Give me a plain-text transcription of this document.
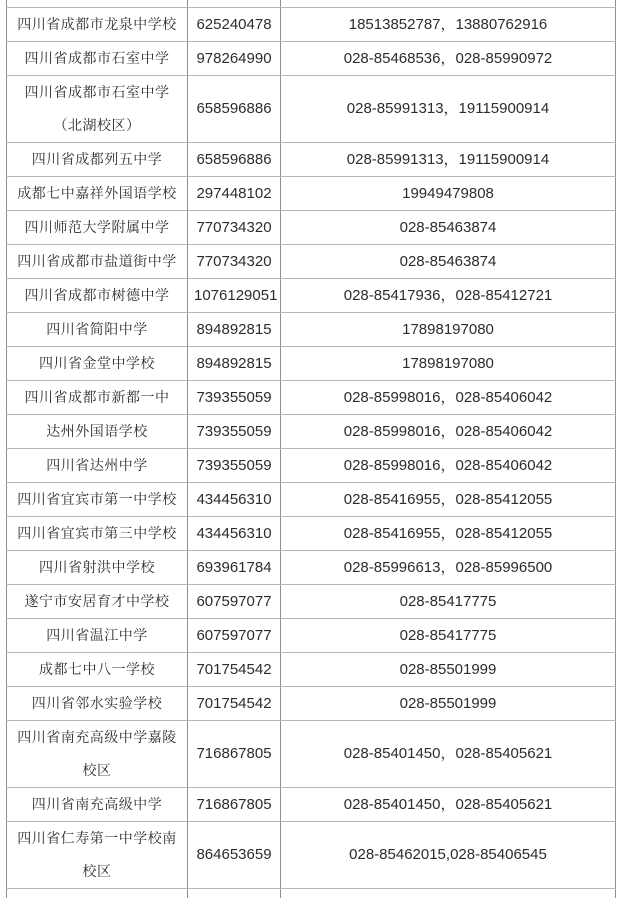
四川省成都市龙泉中学校	625240478	18513852787，13880762916
四川省成都市石室中学	978264990	028-85468536，028-85990972
四川省成都市石室中学（北湖校区）	658596886	028-85991313，19115900914
四川省成都列五中学	658596886	028-85991313，19115900914
成都七中嘉祥外国语学校	297448102	19949479808
四川师范大学附属中学	770734320	028-85463874
四川省成都市盐道街中学	770734320	028-85463874
四川省成都市树德中学	1076129051	028-85417936，028-85412721
四川省简阳中学	894892815	17898197080
四川省金堂中学校	894892815	17898197080
四川省成都市新都一中	739355059	028-85998016，028-85406042
达州外国语学校	739355059	028-85998016，028-85406042
四川省达州中学	739355059	028-85998016，028-85406042
四川省宜宾市第一中学校	434456310	028-85416955，028-85412055
四川省宜宾市第三中学校	434456310	028-85416955，028-85412055
四川省射洪中学校	693961784	028-85996613，028-85996500
遂宁市安居育才中学校	607597077	028-85417775
四川省温江中学	607597077	028-85417775
成都七中八一学校	701754542	028-85501999
四川省邻水实验学校	701754542	028-85501999
四川省南充高级中学嘉陵校区	716867805	028-85401450，028-85405621
四川省南充高级中学	716867805	028-85401450，028-85405621
四川省仁寿第一中学校南校区	864653659	028-85462015,028-85406545
